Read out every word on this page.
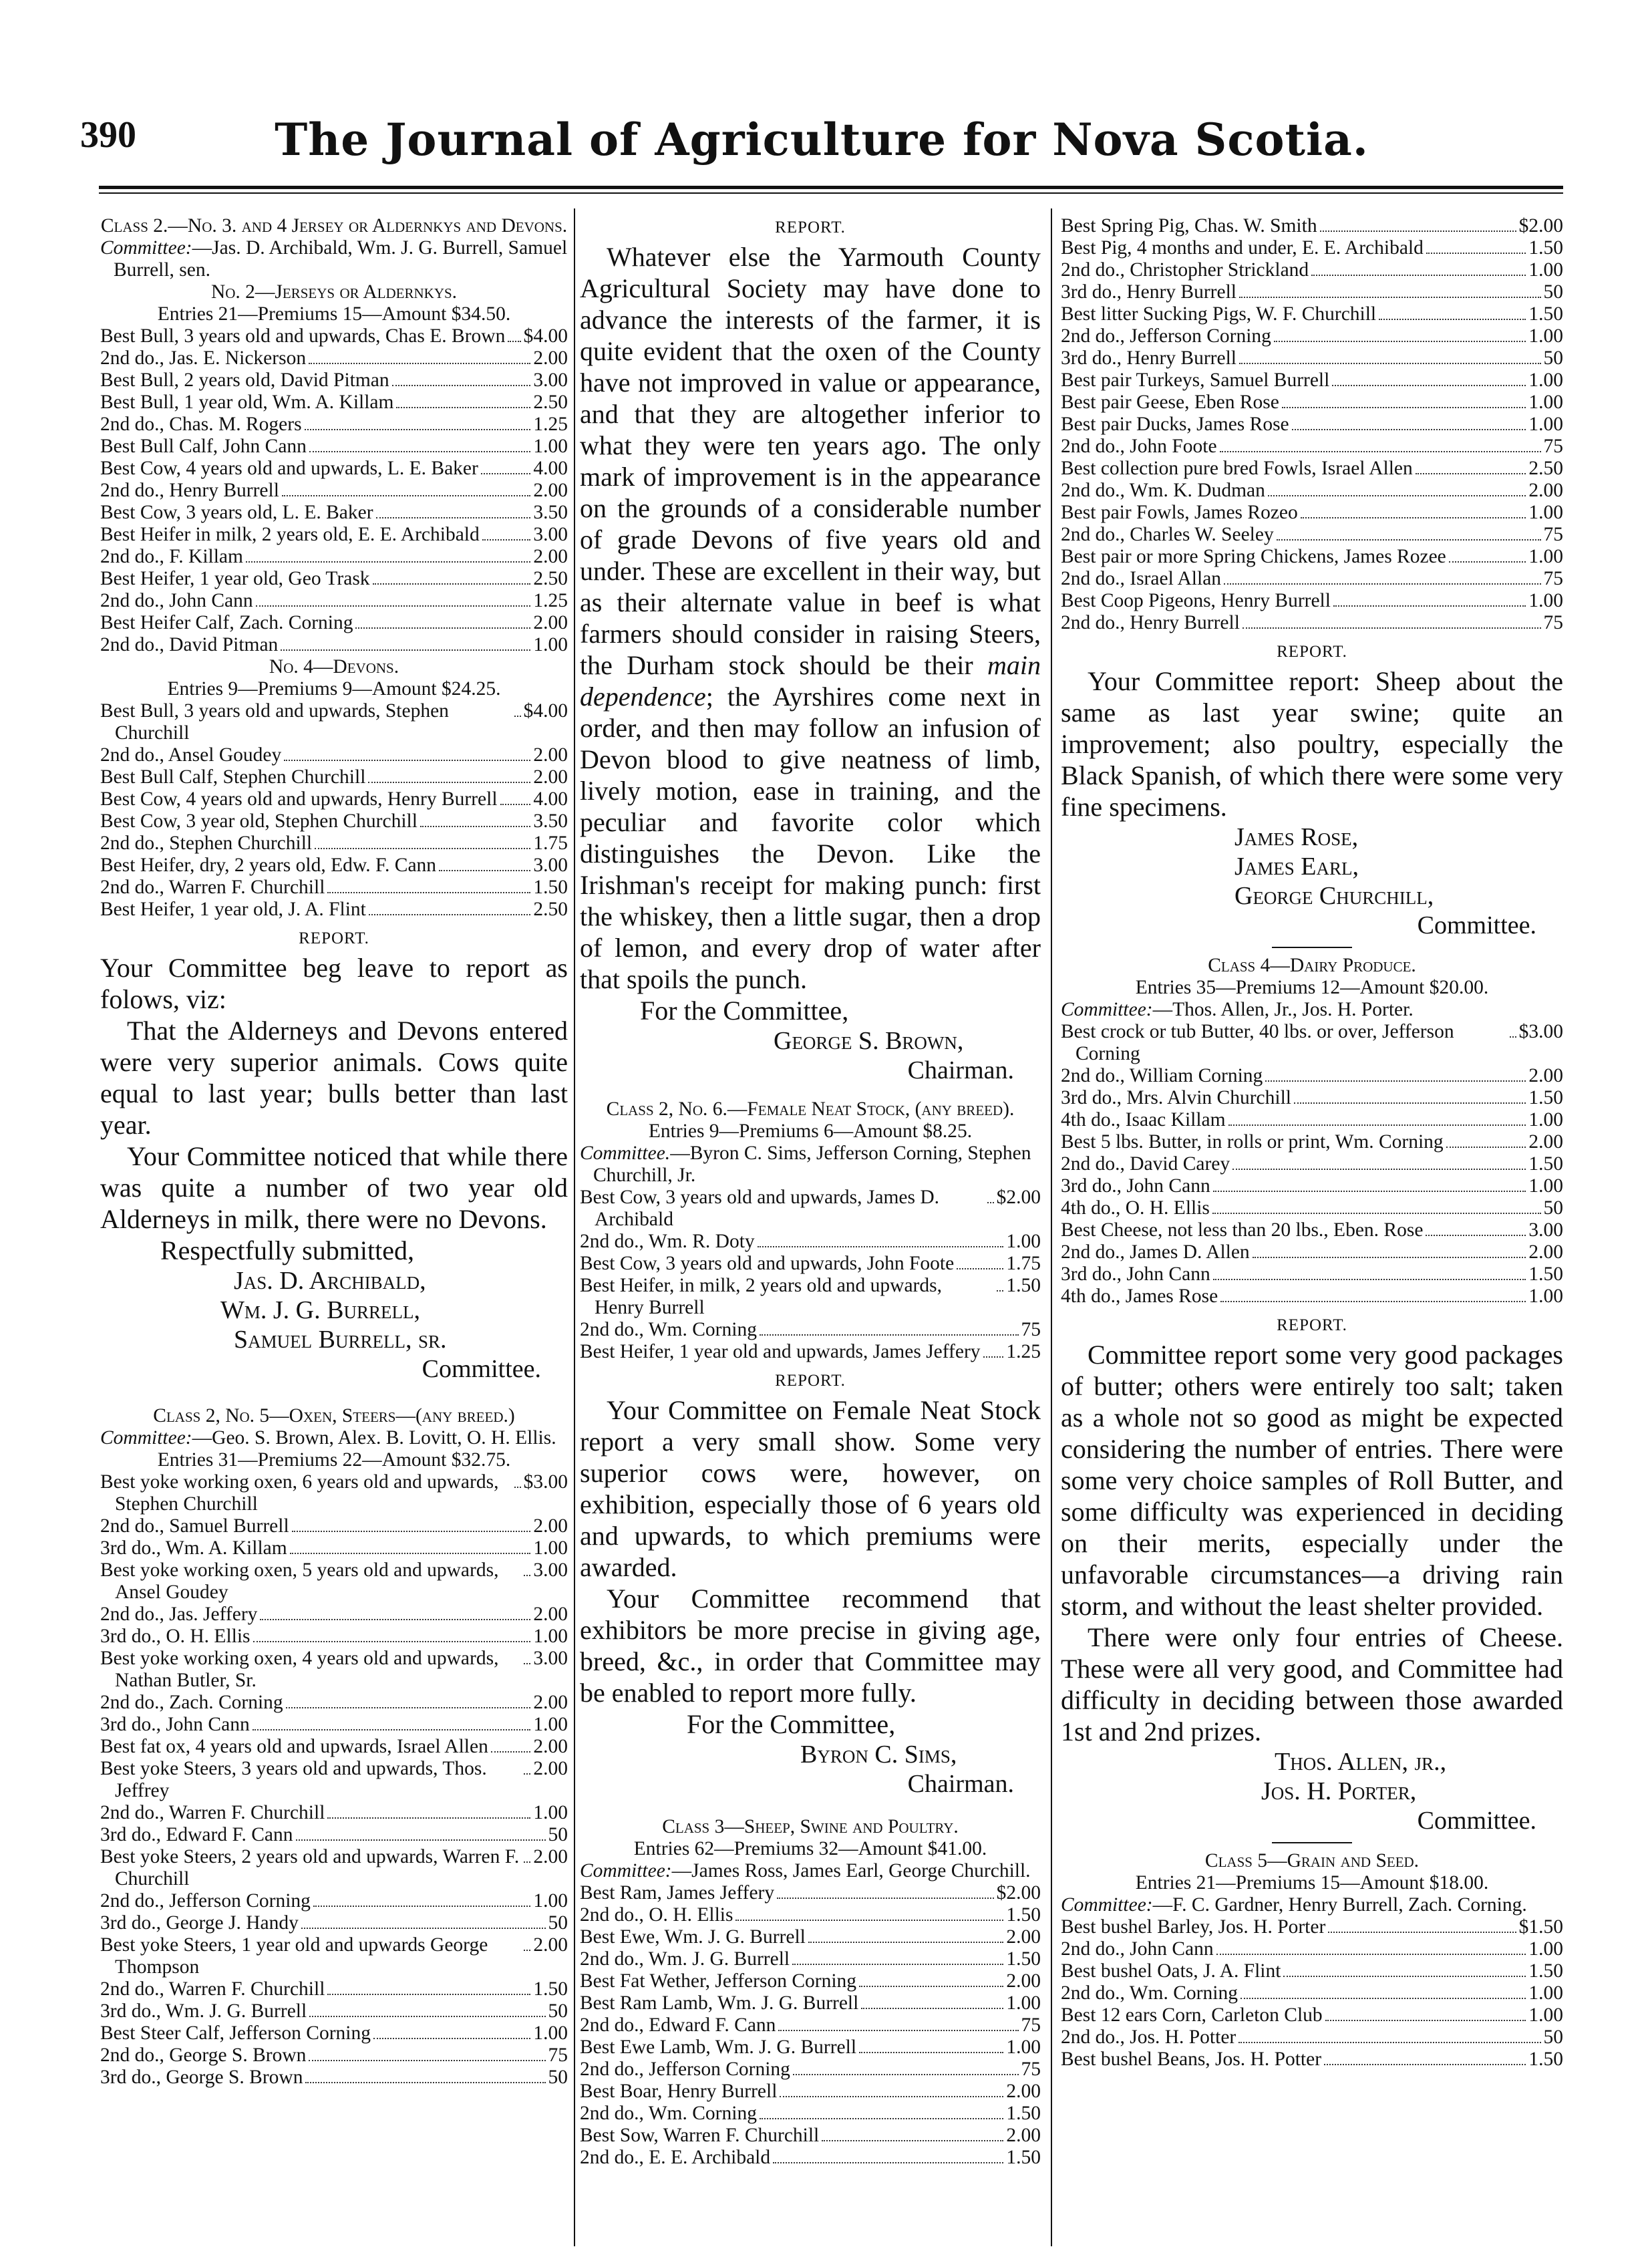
390	The Journal of Agriculture for Nova Scotia.
Class 2.—No. 3. and 4 Jersey or Aldernkys and Devons.
Committee:—Jas. D. Archibald, Wm. J. G. Burrell, Samuel Burrell, sen.
No. 2—Jerseys or Aldernkys.
Entries 21—Premiums 15—Amount $34.50.
Best Bull, 3 years old and upwards, Chas E. Brown $4.00
2nd do., Jas. E. Nickerson	2.00
Best Bull, 2 years old, David Pitman	3.00
Best Bull, 1 year old, Wm. A. Killam	2.50
2nd do., Chas. M. Rogers	1.25
Best Bull Calf, John Cann	1.00
Best Cow, 4 years old and upwards, L. E. Baker	4.00
2nd do., Henry Burrell	2.00
Best Cow, 3 years old, L. E. Baker	3.50
Best Heifer in milk, 2 years old, E. E. Archibald	3.00
2nd do., F. Killam	2.00
Best Heifer, 1 year old, Geo Trask	2.50
2nd do., John Cann	1.25
Best Heifer Calf, Zach. Corning	2.00
2nd do., David Pitman	1.00
No. 4—Devons.
Entries 9—Premiums 9—Amount $24.25.
Best Bull, 3 years old and upwards, Stephen Churchill
$4.00
2nd do., Ansel Goudey	2.00
Best Bull Calf, Stephen Churchill	2.00
Best Cow, 4 years old and upwards, Henry Burrell 4.00
Best Cow, 3 year old, Stephen Churchill	3.50
2nd do., Stephen Churchill	1.75
Best Heifer, dry, 2 years old, Edw. F. Cann	3.00
2nd do., Warren F. Churchill	1.50
Best Heifer, 1 year old, J. A. Flint	2.50
REPORT.
Your Committee beg leave to report as folows, viz:
That the Alderneys and Devons entered were very superior animals. Cows quite equal to last year; bulls better than last year.
Your Committee noticed that while there was quite a number of two year old Alderneys in milk, there were no Devons.
Respectfully submitted,
Jas. D. Archibald,
Wm. J. G. Burrell,
Samuel Burrell, sr.
Committee.
Class 2, No. 5—Oxen, Steers—(any breed.)
Committee:—Geo. S. Brown, Alex. B. Lovitt, O. H. Ellis.
Entries 31—Premiums 22—Amount $32.75.
Best yoke working oxen, 6 years old and upwards, Stephen Churchill
$3.00
2nd do., Samuel Burrell	2.00
3rd do., Wm. A. Killam	1.00
Best yoke working oxen, 5 years old and upwards, Ansel Goudey
3.00
2nd do., Jas. Jeffery	2.00
3rd do., O. H. Ellis	1.00
Best yoke working oxen, 4 years old and upwards, Nathan Butler, Sr.
3.00
2nd do., Zach. Corning	2.00
3rd do., John Cann	1.00
Best fat ox, 4 years old and upwards, Israel Allen 2.00
Best yoke Steers, 3 years old and upwards, Thos. Jeffrey
2.00
2nd do., Warren F. Churchill	1.00
3rd do., Edward F. Cann	50
Best yoke Steers, 2 years old and upwards, Warren F. Churchill
2.00
2nd do., Jefferson Corning	1.00
3rd do., George J. Handy	50
Best yoke Steers, 1 year old and upwards George Thompson
2.00
2nd do., Warren F. Churchill	1.50
3rd do., Wm. J. G. Burrell	50
Best Steer Calf, Jefferson Corning	1.00
2nd do., George S. Brown	75
3rd do., George S. Brown	50
REPORT.
Whatever else the Yarmouth County Agricultural Society may have done to advance the interests of the farmer, it is quite evident that the oxen of the County have not improved in value or appearance, and that they are altogether inferior to what they were ten years ago. The only mark of improvement is in the appearance on the grounds of a considerable number of grade Devons of five years old and under. These are excellent in their way, but as their alternate value in beef is what farmers should consider in raising Steers, the Durham stock should be their main dependence; the Ayrshires come next in order, and then may follow an infusion of Devon blood to give neatness of limb, lively motion, ease in training, and the peculiar and favorite color which distinguishes the Devon. Like the Irishman's receipt for making punch: first the whiskey, then a little sugar, then a drop of lemon, and every drop of water after that spoils the punch.
For the Committee,
George S. Brown,
Chairman.
Class 2, No. 6.—Female Neat Stock, (any breed).
Entries 9—Premiums 6—Amount $8.25.
Committee.—Byron C. Sims, Jefferson Corning, Stephen Churchill, Jr.
Best Cow, 3 years old and upwards, James D. Archibald
$2.00
2nd do., Wm. R. Doty	1.00
Best Cow, 3 years old and upwards, John Foote	1.75
Best Heifer, in milk, 2 years old and upwards, Henry Burrell
1.50
2nd do., Wm. Corning	75
Best Heifer, 1 year old and upwards, James Jeffery 1.25
REPORT.
Your Committee on Female Neat Stock report a very small show. Some very superior cows were, however, on exhibition, especially those of 6 years old and upwards, to which premiums were awarded.
Your Committee recommend that exhibitors be more precise in giving age, breed, &c., in order that Committee may be enabled to report more fully.
For the Committee,
Byron C. Sims,
Chairman.
Class 3—Sheep, Swine and Poultry.
Entries 62—Premiums 32—Amount $41.00.
Committee:—James Ross, James Earl, George Churchill.
Best Ram, James Jeffery	$2.00
2nd do., O. H. Ellis	1.50
Best Ewe, Wm. J. G. Burrell	2.00
2nd do., Wm. J. G. Burrell	1.50
Best Fat Wether, Jefferson Corning	2.00
Best Ram Lamb, Wm. J. G. Burrell	1.00
2nd do., Edward F. Cann	75
Best Ewe Lamb, Wm. J. G. Burrell	1.00
2nd do., Jefferson Corning	75
Best Boar, Henry Burrell	2.00
2nd do., Wm. Corning	1.50
Best Sow, Warren F. Churchill	2.00
2nd do., E. E. Archibald	1.50
Best Spring Pig, Chas. W. Smith	$2.00
Best Pig, 4 months and under, E. E. Archibald	1.50
2nd do., Christopher Strickland	1.00
3rd do., Henry Burrell	50
Best litter Sucking Pigs, W. F. Churchill	1.50
2nd do., Jefferson Corning	1.00
3rd do., Henry Burrell	50
Best pair Turkeys, Samuel Burrell	1.00
Best pair Geese, Eben Rose	1.00
Best pair Ducks, James Rose	1.00
2nd do., John Foote	75
Best collection pure bred Fowls, Israel Allen	2.50
2nd do., Wm. K. Dudman	2.00
Best pair Fowls, James Rozeo	1.00
2nd do., Charles W. Seeley	75
Best pair or more Spring Chickens, James Rozee	1.00
2nd do., Israel Allan	75
Best Coop Pigeons, Henry Burrell	1.00
2nd do., Henry Burrell	75
REPORT.
Your Committee report: Sheep about the same as last year swine; quite an improvement; also poultry, especially the Black Spanish, of which there were some very fine specimens.
James Rose,
James Earl,
George Churchill,
Committee.
Class 4—Dairy Produce.
Entries 35—Premiums 12—Amount $20.00.
Committee:—Thos. Allen, Jr., Jos. H. Porter.
Best crock or tub Butter, 40 lbs. or over, Jefferson Corning
$3.00
2nd do., William Corning	2.00
3rd do., Mrs. Alvin Churchill	1.50
4th do., Isaac Killam	1.00
Best 5 lbs. Butter, in rolls or print, Wm. Corning	2.00
2nd do., David Carey	1.50
3rd do., John Cann	1.00
4th do., O. H. Ellis	50
Best Cheese, not less than 20 lbs., Eben. Rose	3.00
2nd do., James D. Allen	2.00
3rd do., John Cann	1.50
4th do., James Rose	1.00
REPORT.
Committee report some very good packages of butter; others were entirely too salt; taken as a whole not so good as might be expected considering the number of entries. There were some very choice samples of Roll Butter, and some difficulty was experienced in deciding on their merits, especially under the unfavorable circumstances—a driving rain storm, and without the least shelter provided.
There were only four entries of Cheese. These were all very good, and Committee had difficulty in deciding between those awarded 1st and 2nd prizes.
Thos. Allen, jr.,
Jos. H. Porter,
Committee.
Class 5—Grain and Seed.
Entries 21—Premiums 15—Amount $18.00.
Committee:—F. C. Gardner, Henry Burrell, Zach. Corning.
Best bushel Barley, Jos. H. Porter	$1.50
2nd do., John Cann	1.00
Best bushel Oats, J. A. Flint	1.50
2nd do., Wm. Corning	1.00
Best 12 ears Corn, Carleton Club	1.00
2nd do., Jos. H. Potter	50
Best bushel Beans, Jos. H. Potter	1.50
